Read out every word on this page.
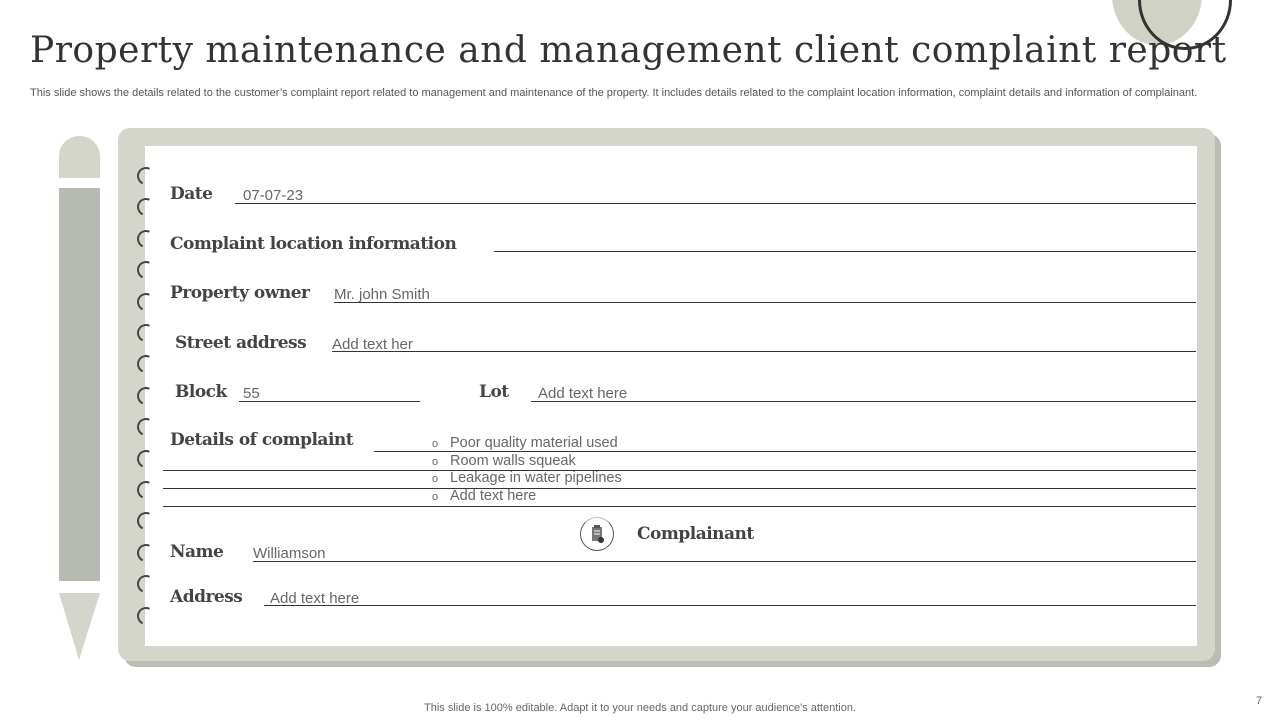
Property maintenance and management client complaint report
This slide shows the details related to the customer’s complaint report related to management and maintenance of the property. It includes details related to the complaint location information, complaint details and information of complainant.
Date 07-07-23
Complaint location information
Property owner Mr. john Smith
Street address Add text her
Block 55	Lot Add text here
Details of complaint	o Poor quality material used
o Room walls squeak
o Leakage in water pipelines
o Add text here
Complainant
Name Williamson
Address Add text here
This slide is 100% editable. Adapt it to your needs and capture your audience's attention.
7
